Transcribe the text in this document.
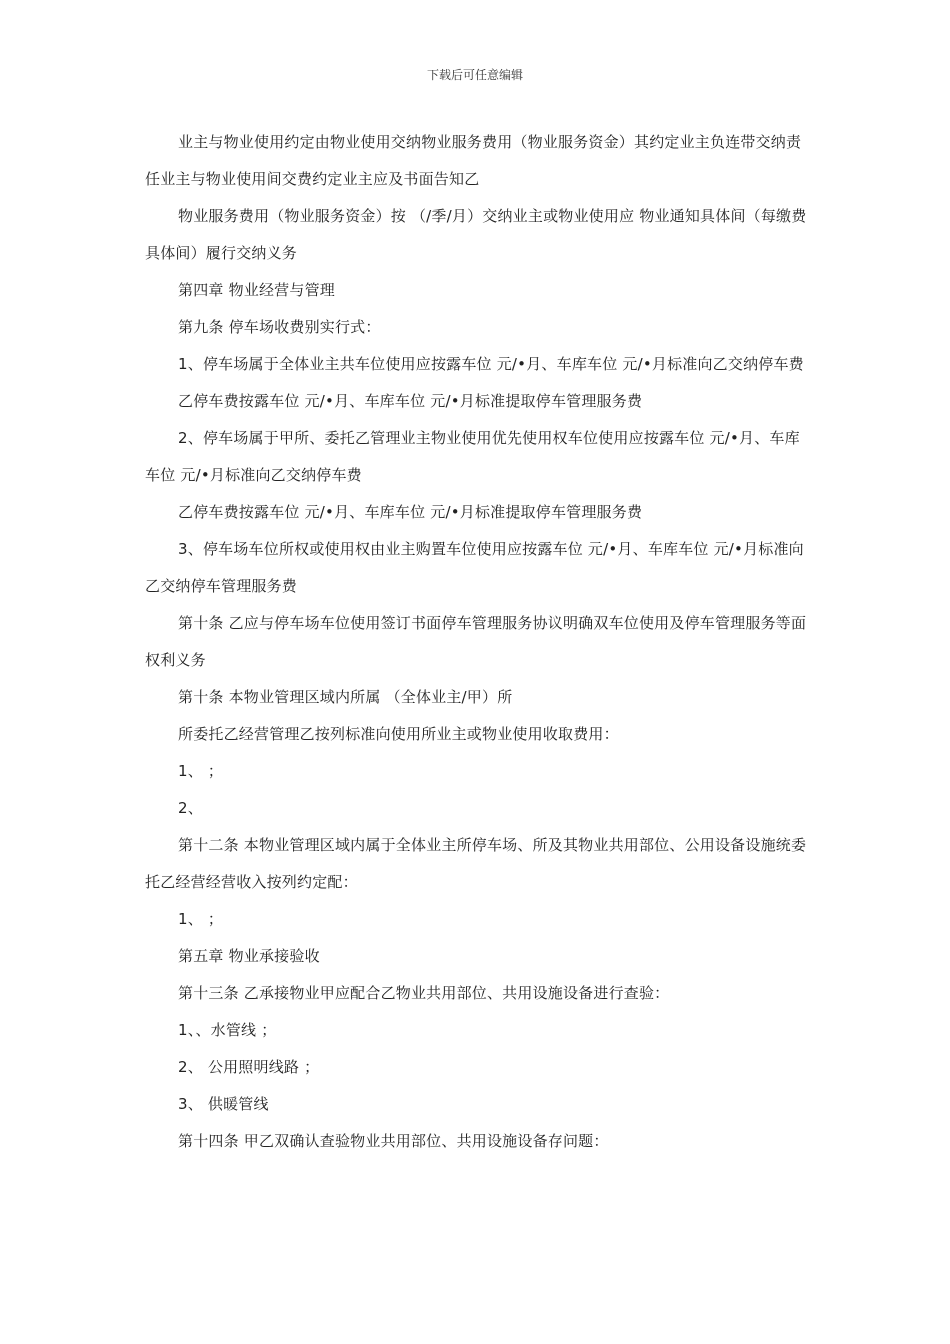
下载后可任意编辑

业主与物业使用约定由物业使用交纳物业服务费用（物业服务资金）其约定业主负连带交纳责任业主与物业使用间交费约定业主应及书面告知乙

物业服务费用（物业服务资金）按 （/季/月）交纳业主或物业使用应 物业通知具体间（每缴费具体间）履行交纳义务

第四章 物业经营与管理

第九条 停车场收费别实行式：

1、停车场属于全体业主共车位使用应按露车位 元/•月、车库车位 元/•月标准向乙交纳停车费

乙停车费按露车位 元/•月、车库车位 元/•月标准提取停车管理服务费

2、停车场属于甲所、委托乙管理业主物业使用优先使用权车位使用应按露车位 元/•月、车库车位 元/•月标准向乙交纳停车费

乙停车费按露车位 元/•月、车库车位 元/•月标准提取停车管理服务费

3、停车场车位所权或使用权由业主购置车位使用应按露车位 元/•月、车库车位 元/•月标准向乙交纳停车管理服务费

第十条 乙应与停车场车位使用签订书面停车管理服务协议明确双车位使用及停车管理服务等面权利义务

第十条 本物业管理区域内所属 （全体业主/甲）所

所委托乙经营管理乙按列标准向使用所业主或物业使用收取费用：

1、 ；

2、

第十二条 本物业管理区域内属于全体业主所停车场、所及其物业共用部位、公用设备设施统委托乙经营经营收入按列约定配：

1、 ；

第五章 物业承接验收

第十三条 乙承接物业甲应配合乙物业共用部位、共用设施设备进行查验：

1、、水管线 ；

2、 公用照明线路 ；

3、 供暖管线

第十四条 甲乙双确认查验物业共用部位、共用设施设备存问题：
